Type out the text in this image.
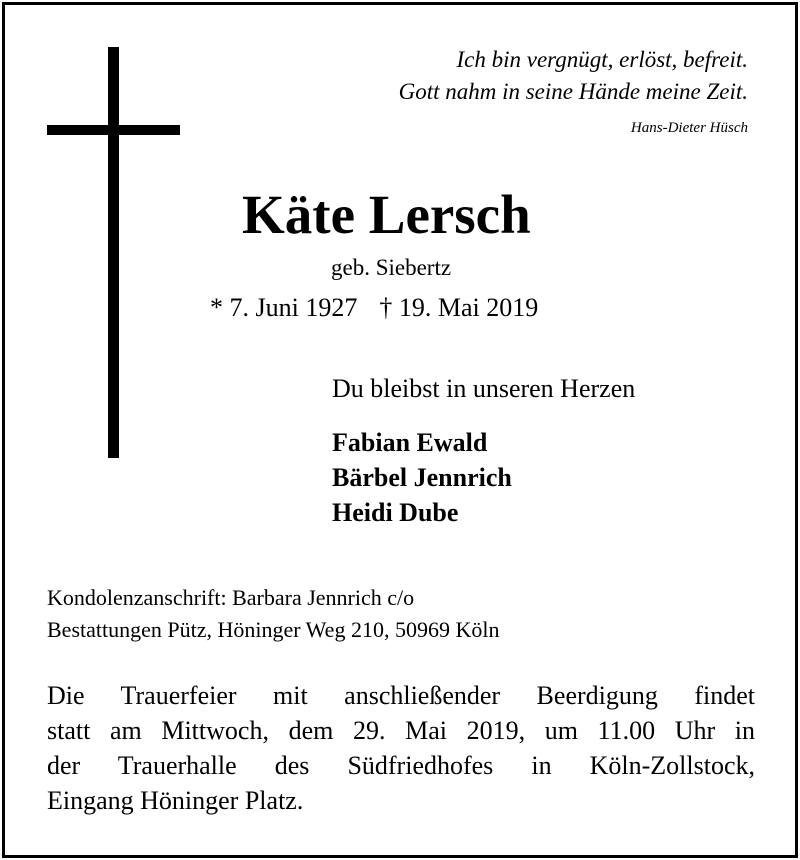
Ich bin vergnügt, erlöst, befreit.
Gott nahm in seine Hände meine Zeit.
Hans-Dieter Hüsch
Käte Lersch
geb. Siebertz
* 7. Juni 1927 † 19. Mai 2019
Du bleibst in unseren Herzen
Fabian Ewald
Bärbel Jennrich
Heidi Dube
Kondolenzanschrift: Barbara Jennrich c/o
Bestattungen Pütz, Höninger Weg 210, 50969 Köln
Die Trauerfeier mit anschließender Beerdigung findet
statt am Mittwoch, dem 29. Mai 2019, um 11.00 Uhr in
der Trauerhalle des Südfriedhofes in Köln-Zollstock,
Eingang Höninger Platz.
